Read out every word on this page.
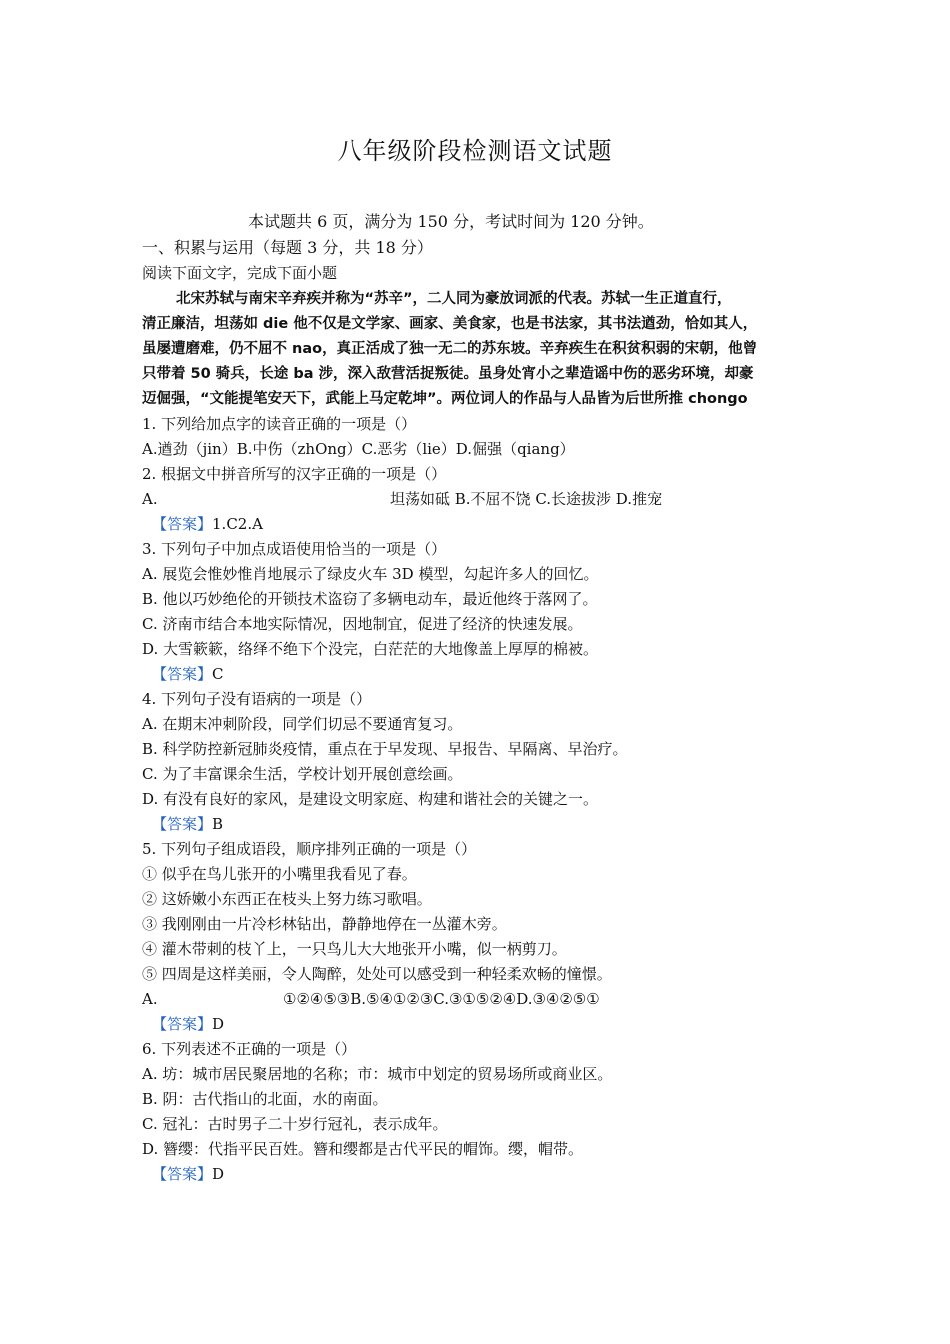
八年级阶段检测语文试题
本试题共 6 页，满分为 150 分，考试时间为 120 分钟。
一、积累与运用（每题 3 分，共 18 分）
阅读下面文字，完成下面小题
北宋苏轼与南宋辛弃疾并称为“苏辛”，二人同为豪放词派的代表。苏轼一生正道直行，
清正廉洁，坦荡如 die 他不仅是文学家、画家、美食家，也是书法家，其书法遒劲，恰如其人，
虽屡遭磨难，仍不屈不 nao，真正活成了独一无二的苏东坡。辛弃疾生在积贫积弱的宋朝，他曾
只带着 50 骑兵，长途 ba 涉，深入敌营活捉叛徒。虽身处宵小之辈造谣中伤的恶劣环境，却豪
迈倔强，“文能提笔安天下，武能上马定乾坤”。两位词人的作品与人品皆为后世所推 chongo
1. 下列给加点字的读音正确的一项是（）
A.遒劲（jin）B.中伤（zhOng）C.恶劣（lie）D.倔强（qiang）
2. 根据文中拼音所写的汉字正确的一项是（）
A.	坦荡如砥 B.不屈不饶 C.长途拔涉 D.推宠
【答案】1.C2.A
3. 下列句子中加点成语使用恰当的一项是（）
A. 展览会惟妙惟肖地展示了绿皮火车 3D 模型，勾起许多人的回忆。
B. 他以巧妙绝伦的开锁技术盗窃了多辆电动车，最近他终于落网了。
C. 济南市结合本地实际情况，因地制宜，促进了经济的快速发展。
D. 大雪簌簌，络绎不绝下个没完，白茫茫的大地像盖上厚厚的棉被。
【答案】C
4. 下列句子没有语病的一项是（）
A. 在期末冲刺阶段，同学们切忌不要通宵复习。
B. 科学防控新冠肺炎疫情，重点在于早发现、早报告、早隔离、早治疗。
C. 为了丰富课余生活，学校计划开展创意绘画。
D. 有没有良好的家风，是建设文明家庭、构建和谐社会的关键之一。
【答案】B
5. 下列句子组成语段，顺序排列正确的一项是（）
① 似乎在鸟儿张开的小嘴里我看见了春。
② 这娇嫩小东西正在枝头上努力练习歌唱。
③ 我刚刚由一片冷杉林钻出，静静地停在一丛灌木旁。
④ 灌木带刺的枝丫上，一只鸟儿大大地张开小嘴，似一柄剪刀。
⑤ 四周是这样美丽，令人陶醉，处处可以感受到一种轻柔欢畅的憧憬。
A.	①②④⑤③B.⑤④①②③C.③①⑤②④D.③④②⑤①
【答案】D
6. 下列表述不正确的一项是（）
A. 坊：城市居民聚居地的名称；市：城市中划定的贸易场所或商业区。
B. 阴：古代指山的北面，水的南面。
C. 冠礼：古时男子二十岁行冠礼，表示成年。
D. 簪缨：代指平民百姓。簪和缨都是古代平民的帽饰。缨，帽带。
【答案】D
